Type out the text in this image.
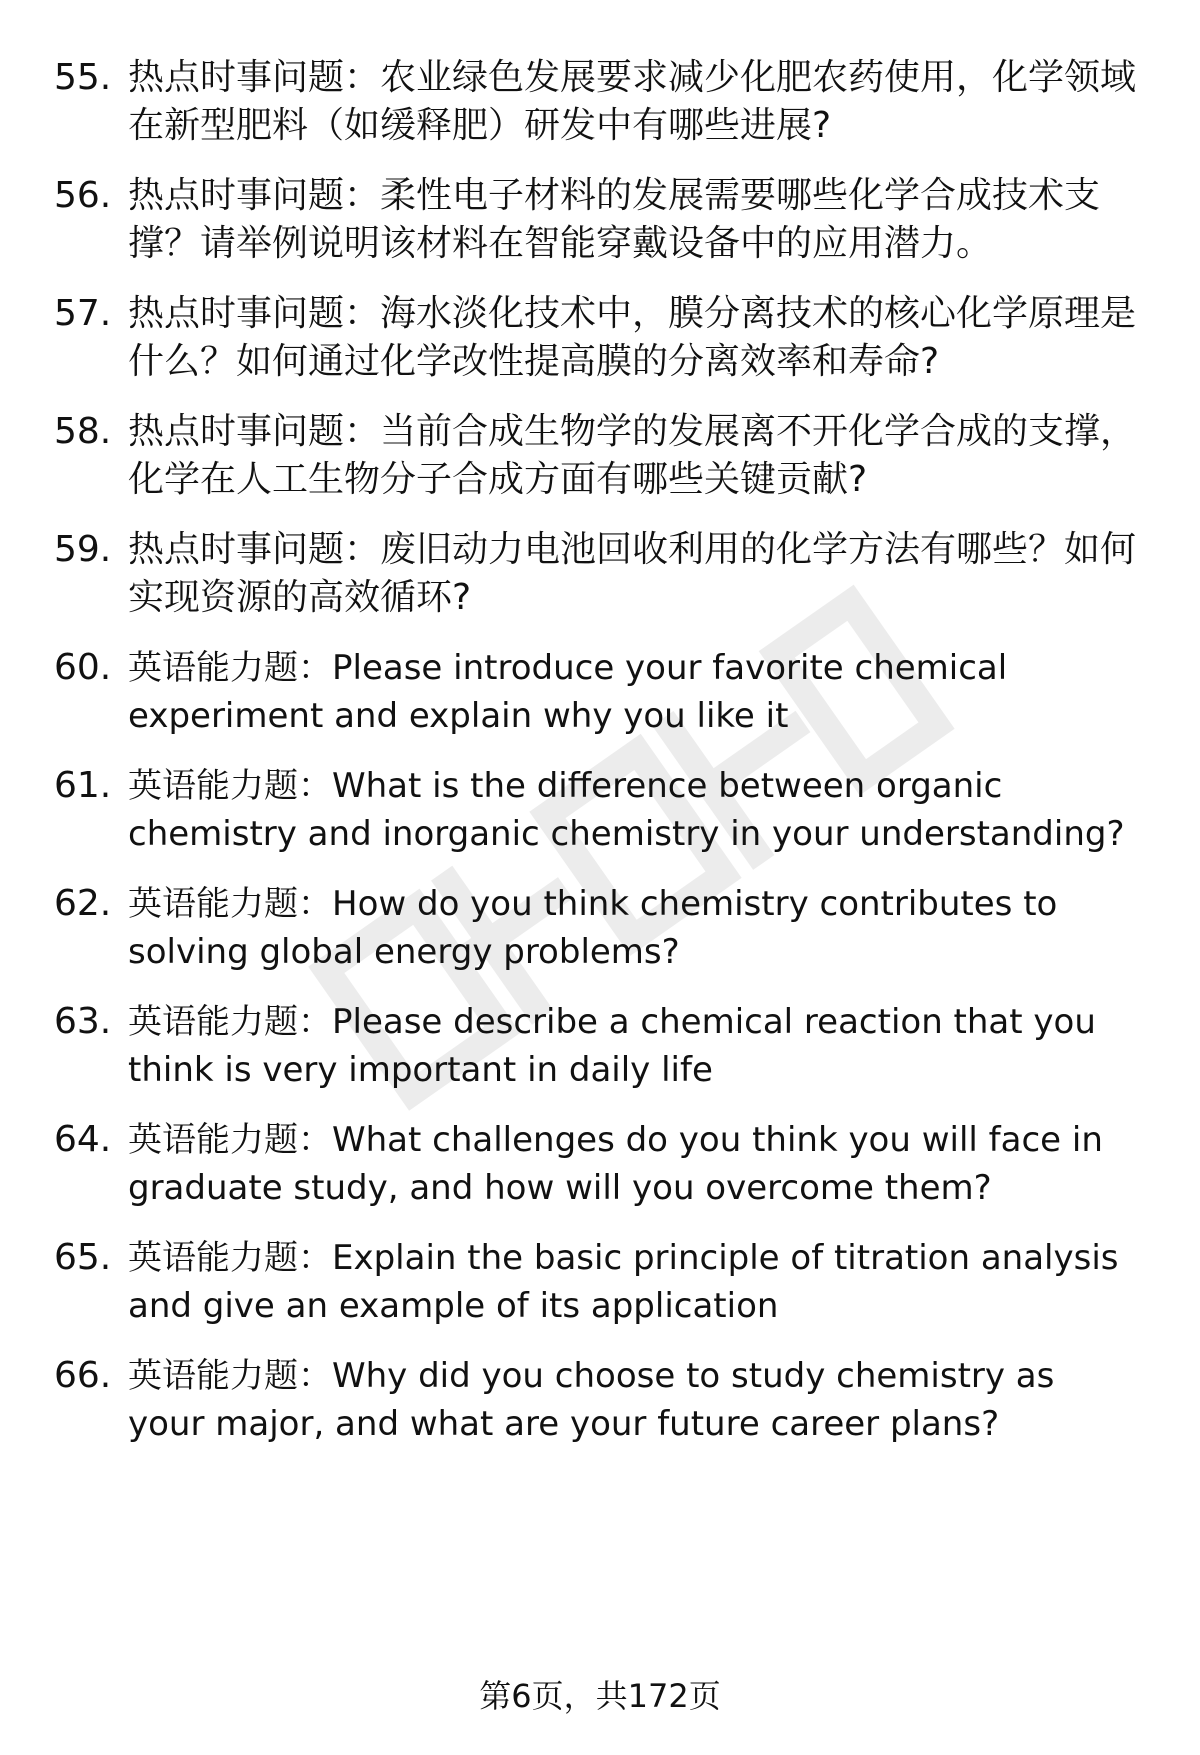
55. 热点时事问题：农业绿色发展要求减少化肥农药使用，化学领域
在新型肥料（如缓释肥）研发中有哪些进展?
56. 热点时事问题：柔性电子材料的发展需要哪些化学合成技术支
撑？请举例说明该材料在智能穿戴设备中的应用潜力。
57. 热点时事问题：海水淡化技术中，膜分离技术的核心化学原理是
什么？如何通过化学改性提高膜的分离效率和寿命?
58. 热点时事问题：当前合成生物学的发展离不开化学合成的支撑，
化学在人工生物分子合成方面有哪些关键贡献?
59. 热点时事问题：废旧动力电池回收利用的化学方法有哪些？如何
实现资源的高效循环?
60. 英语能力题：Please introduce your favorite chemical
experiment and explain why you like it
61. 英语能力题：What is the difference between organic
chemistry and inorganic chemistry in your understanding?
62. 英语能力题：How do you think chemistry contributes to
solving global energy problems?
63. 英语能力题：Please describe a chemical reaction that you
think is very important in daily life
64. 英语能力题：What challenges do you think you will face in
graduate study, and how will you overcome them?
65. 英语能力题：Explain the basic principle of titration analysis
and give an example of its application
66. 英语能力题：Why did you choose to study chemistry as
your major, and what are your future career plans?
第6页，共172页
